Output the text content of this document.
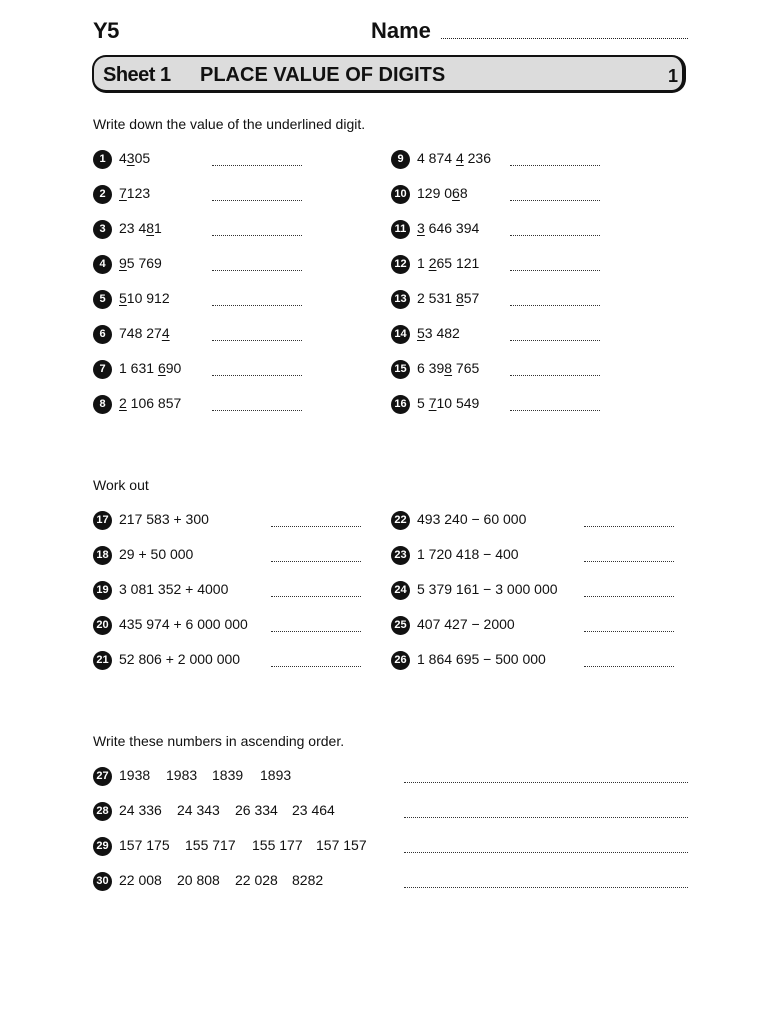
Y5	Name
Sheet 1 PLACE VALUE OF DIGITS	1
Write down the value of the underlined digit.
Work out
Write these numbers in ascending order.
1 4305
2 7123
3 23 481
4 95 769
5 510 912
6 748 274
7 1 631 690
8 2 106 857
9 4 874 4 236
10 129 068
11 3 646 394
12 1 265 121
13 2 531 857
14 53 482
15 6 398 765
16 5 710 549
17 217 583 + 300
18 29 + 50 000
19 3 081 352 + 4000
20 435 974 + 6 000 000
21 52 806 + 2 000 000
22 493 240 − 60 000
23 1 720 418 − 400
24 5 379 161 − 3 000 000
25 407 427 − 2000
26 1 864 695 − 500 000
27 1938 1983 1839 1893
28 24 336 24 343 26 334 23 464
29 157 175 155 717 155 177 157 157
30 22 008 20 808 22 028 8282
